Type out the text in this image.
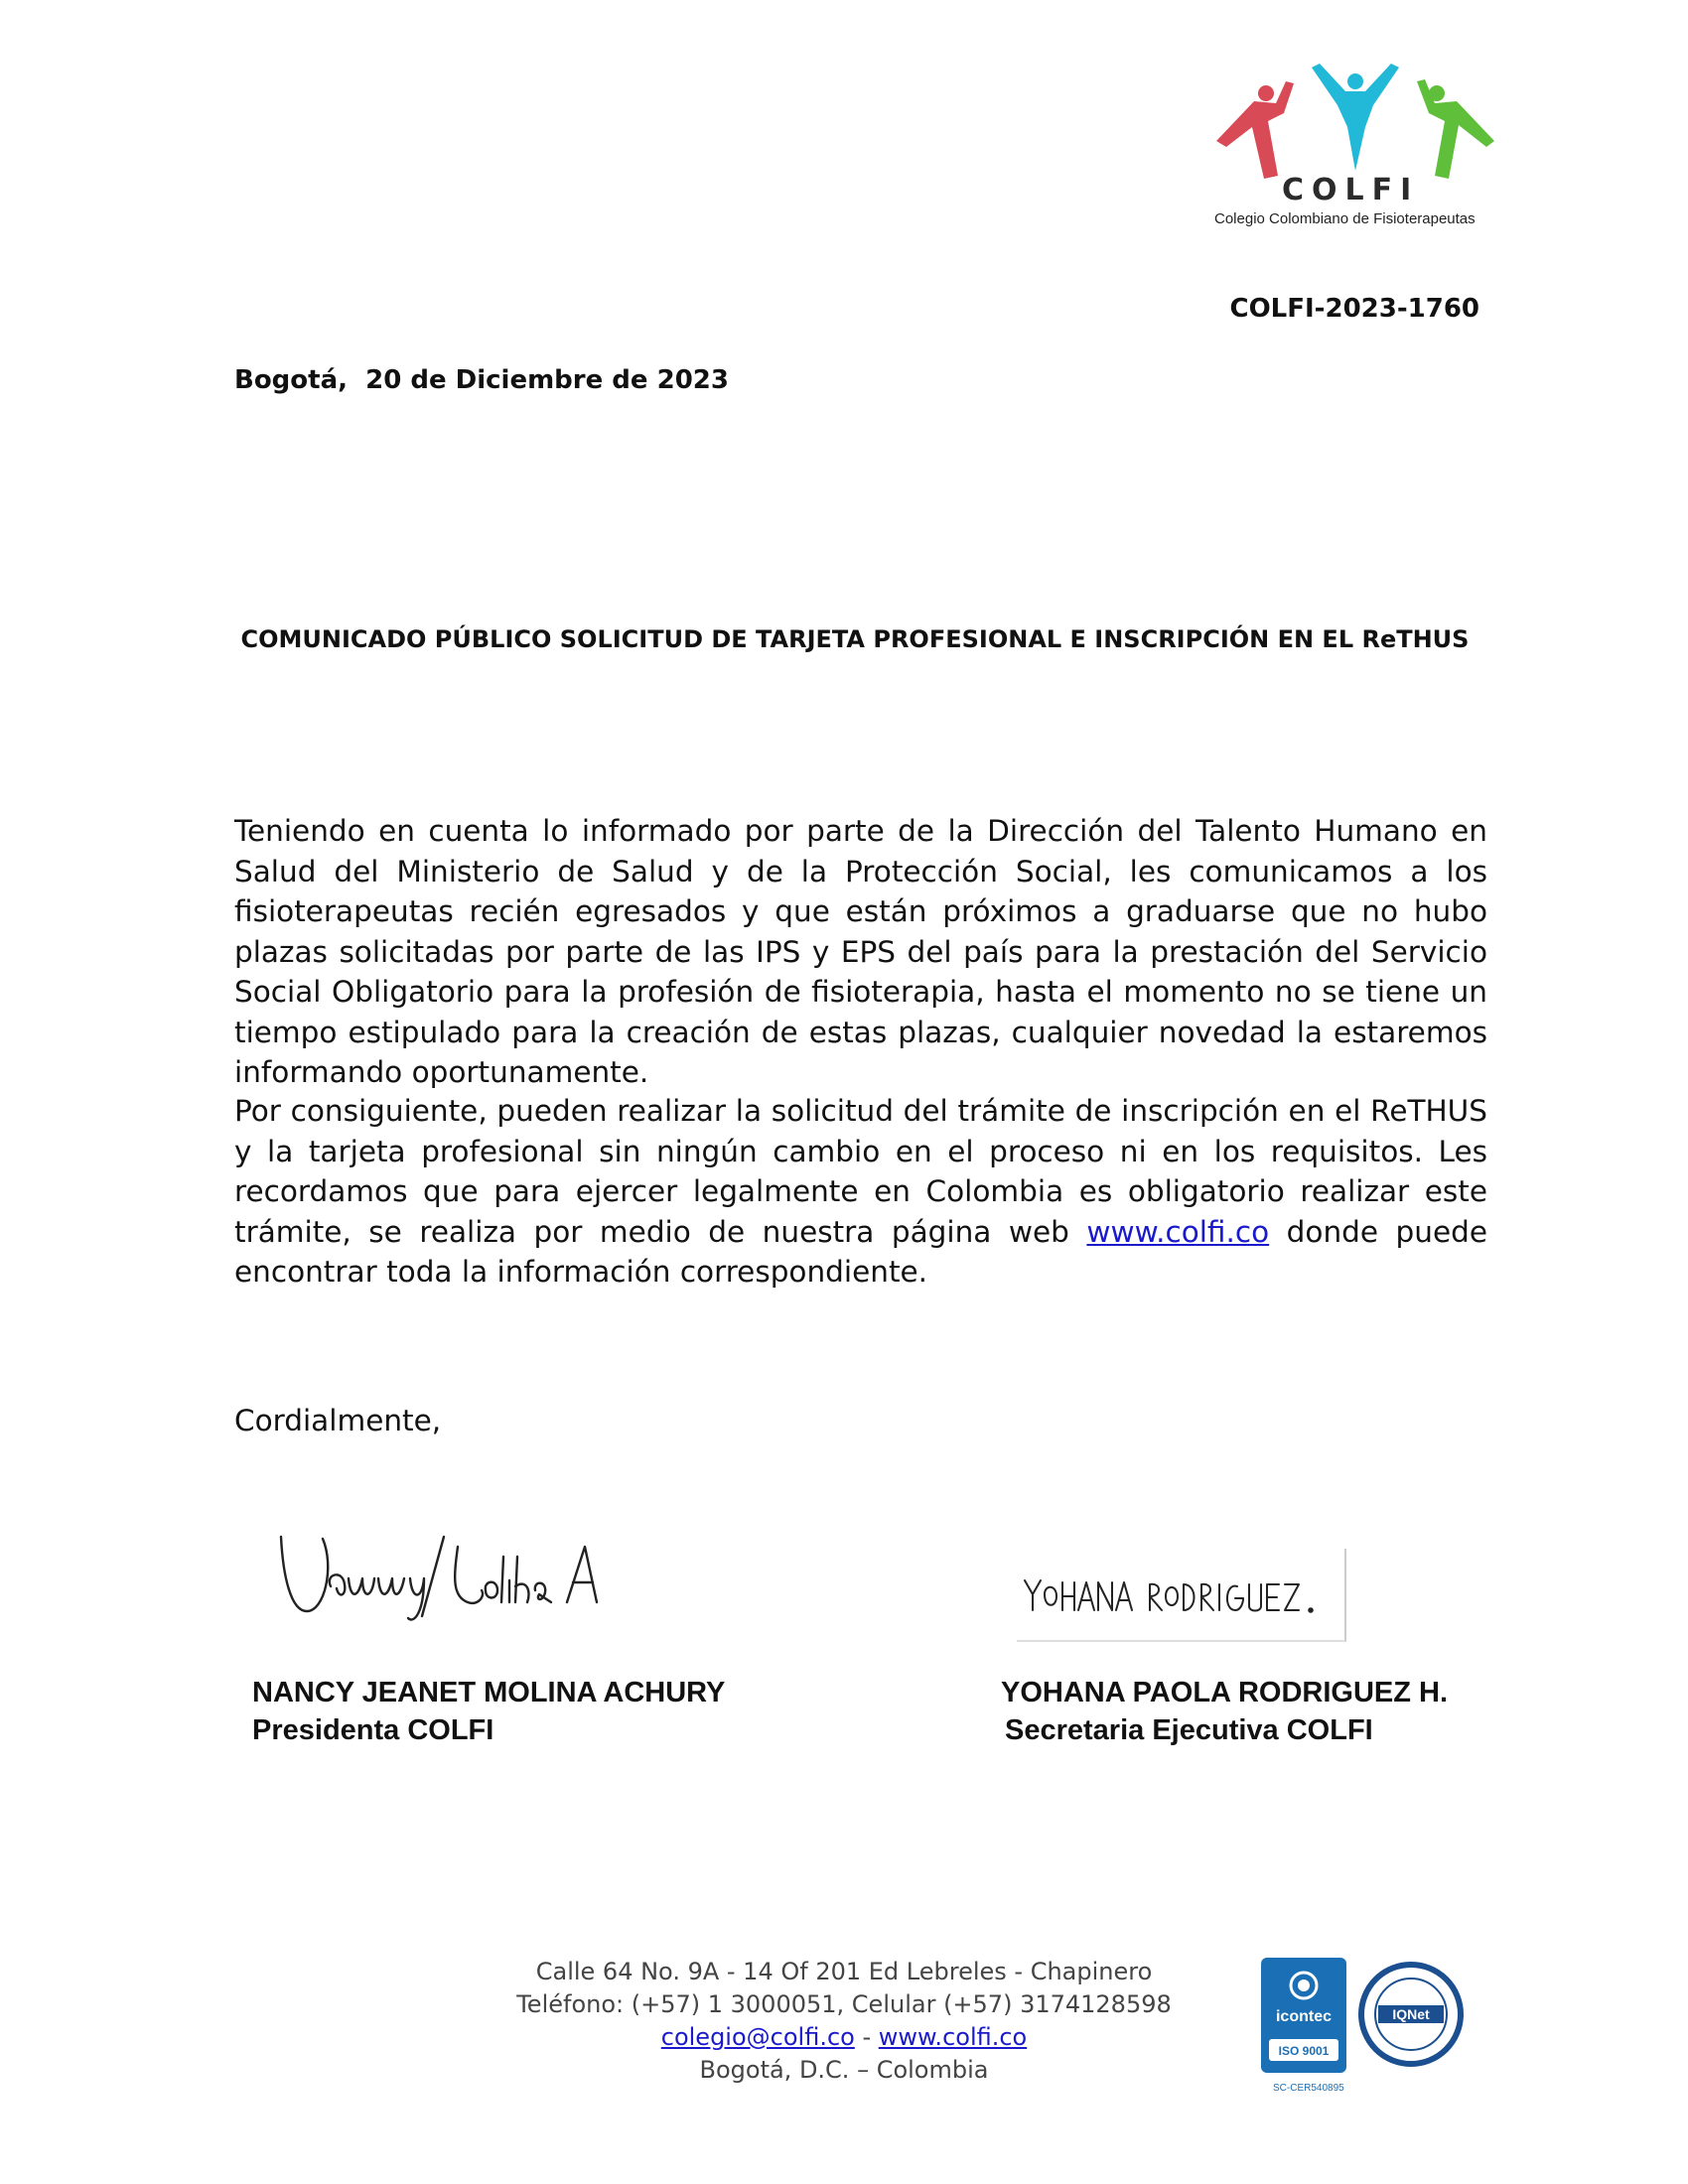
COLFI
Colegio Colombiano de Fisioterapeutas
COLFI-2023-1760
Bogotá,  20 de Diciembre de 2023
COMUNICADO PÚBLICO SOLICITUD DE TARJETA PROFESIONAL E INSCRIPCIÓN EN EL ReTHUS
Teniendo en cuenta lo informado por parte de la Dirección del Talento Humano en Salud del Ministerio de Salud y de la Protección Social, les comunicamos a los fisioterapeutas recién egresados y que están próximos a graduarse que no hubo plazas solicitadas por parte de las IPS y EPS del país para la prestación del Servicio Social Obligatorio para la profesión de fisioterapia, hasta el momento no se tiene un tiempo estipulado para la creación de estas plazas, cualquier novedad la estaremos informando oportunamente.
Por consiguiente, pueden realizar la solicitud del trámite de inscripción en el ReTHUS y la tarjeta profesional sin ningún cambio en el proceso ni en los requisitos. Les recordamos que para ejercer legalmente en Colombia es obligatorio realizar este trámite, se realiza por medio de nuestra página web www.colfi.co donde puede encontrar toda la información correspondiente.
Cordialmente,
NANCY JEANET MOLINA ACHURY
Presidenta COLFI
YOHANA PAOLA RODRIGUEZ H.
Secretaria Ejecutiva COLFI
Calle 64 No. 9A - 14 Of 201 Ed Lebreles - Chapinero
Teléfono: (+57) 1 3000051, Celular (+57) 3174128598
colegio@colfi.co - www.colfi.co
Bogotá, D.C. – Colombia
icontec
ISO 9001
IQNet
SC-CER540895
